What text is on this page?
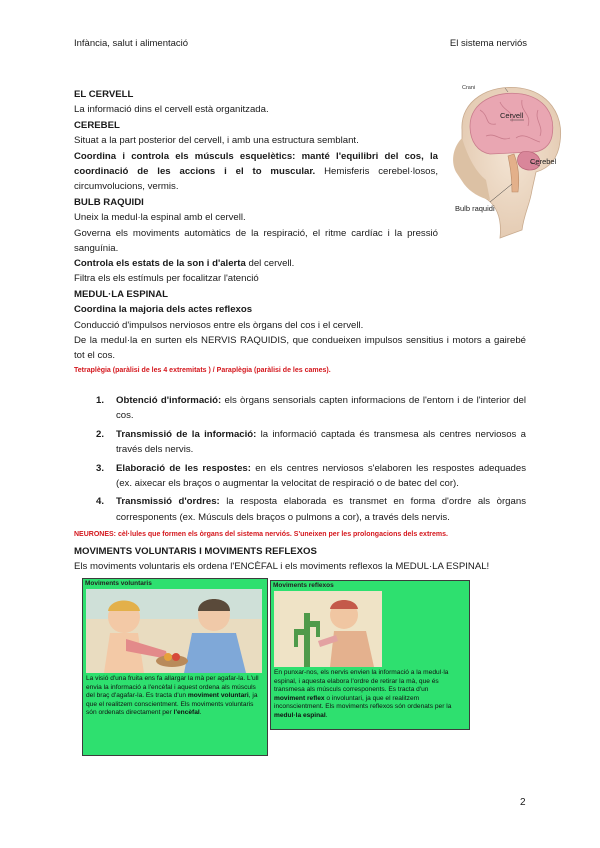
Infància, salut i alimentació	El sistema nerviós
Crani
Cervell
Cerebel
Bulb raquidi

EL CERVELL

La informació dins el cervell està organitzada.

CEREBEL

Situat a la part posterior del cervell, i amb una estructura semblant.

Coordina i controla els músculs esquelètics: manté l'equilibri del cos, la coordinació de les accions i el to muscular. Hemisferis cerebel·losos, circumvolucions, vermis.

BULB RAQUIDI

Uneix la medul·la espinal amb el cervell.

Governa els moviments automàtics de la respiració, el ritme cardíac i la pressió sanguínia.

Controla els estats de la son i d'alerta del cervell.

Filtra els els estímuls per focalitzar l'atenció

MEDUL·LA ESPINAL

Coordina la majoria dels actes reflexos

Conducció d'impulsos nerviosos entre els òrgans del cos i el cervell.

De la medul·la en surten els NERVIS RAQUIDIS, que condueixen impulsos sensitius i motors a gairebé tot el cos.

Tetraplègia (paràlisi de les 4 extremitats ) / Paraplègia (paràlisi de les cames).

1. Obtenció d'informació: els òrgans sensorials capten informacions de l'entorn i de l'interior del cos.
2. Transmissió de la informació: la informació captada és transmesa als centres nerviosos a través dels nervis.
3. Elaboració de les respostes: en els centres nerviosos s'elaboren les respostes adequades (ex. aixecar els braços o augmentar la velocitat de respiració o de batec del cor).
4. Transmissió d'ordres: la resposta elaborada es transmet en forma d'ordre als òrgans corresponents (ex. Músculs dels braços o pulmons a cor), a través dels nervis.

NEURONES: cèl·lules que formen els òrgans del sistema nerviós. S'uneixen per les prolongacions dels extrems.

MOVIMENTS VOLUNTARIS I MOVIMENTS REFLEXOS

Els moviments voluntaris els ordena l'ENCÈFAL i els moviments reflexos la MEDUL·LA ESPINAL!

Moviments voluntaris
La visió d'una fruita ens fa allargar la mà per agafar-la. L'ull envia la informació a l'encèfal i aquest ordena als músculs del braç d'agafar-la. Es tracta d'un moviment voluntari, ja que el realitzem conscientment. Els moviments voluntaris són ordenats directament per l'encèfal.
Moviments reflexos
En punxar-nos, els nervis envien la informació a la medul·la espinal, i aquesta elabora l'ordre de retirar la mà, que és transmesa als músculs corresponents. Es tracta d'un moviment reflex o involuntari, ja que el realitzem inconscientment. Els moviments reflexos són ordenats per la medul·la espinal.
2
